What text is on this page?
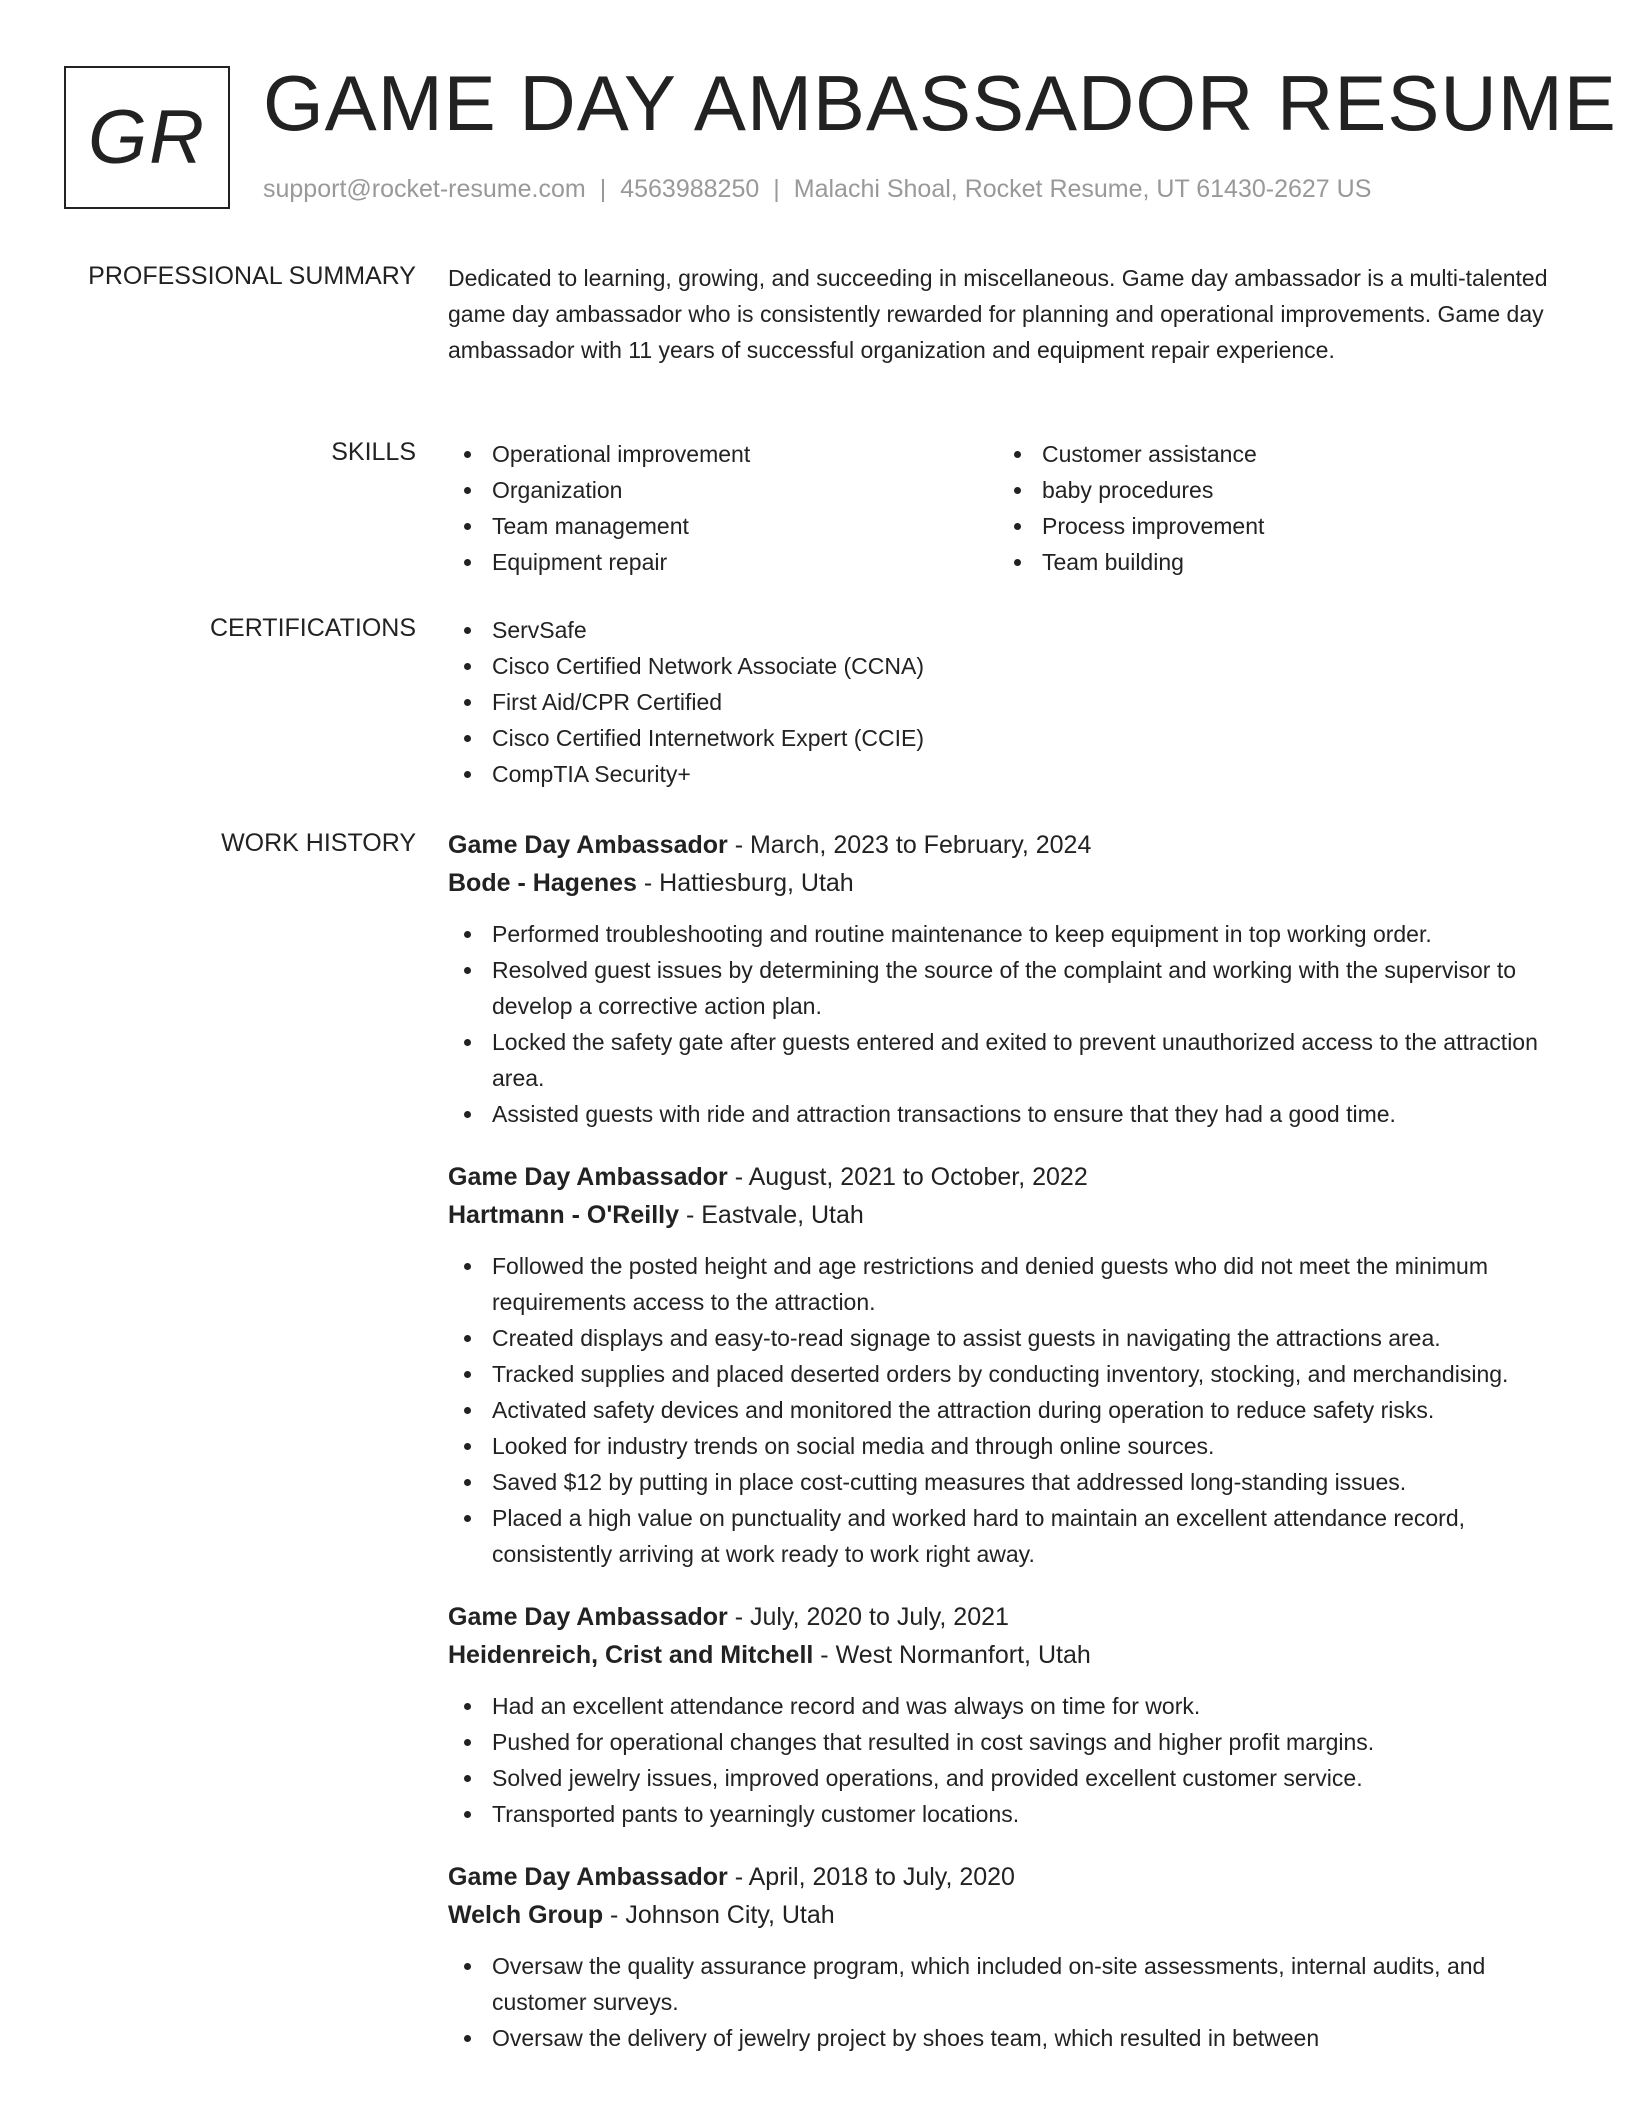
GR GAME DAY AMBASSADOR RESUME
support@rocket-resume.com | 4563988250 | Malachi Shoal, Rocket Resume, UT 61430-2627 US
PROFESSIONAL SUMMARY Dedicated to learning, growing, and succeeding in miscellaneous. Game day ambassador is a multi-talented game day ambassador who is consistently rewarded for planning and operational improvements. Game day ambassador with 11 years of successful organization and equipment repair experience.

SKILLS	Operational improvement
Organization
Team management
Equipment repair
Customer assistance
baby procedures
Process improvement
Team building
CERTIFICATIONS	ServSafe
Cisco Certified Network Associate (CCNA)
First Aid/CPR Certified
Cisco Certified Internetwork Expert (CCIE)
CompTIA Security+
WORK HISTORY Game Day Ambassador - March, 2023 to February, 2024
Bode - Hagenes - Hattiesburg, Utah
Performed troubleshooting and routine maintenance to keep equipment in top working order.
Resolved guest issues by determining the source of the complaint and working with the supervisor to develop a corrective action plan.
Locked the safety gate after guests entered and exited to prevent unauthorized access to the attraction area.
Assisted guests with ride and attraction transactions to ensure that they had a good time.
Game Day Ambassador - August, 2021 to October, 2022
Hartmann - O'Reilly - Eastvale, Utah
Followed the posted height and age restrictions and denied guests who did not meet the minimum requirements access to the attraction.
Created displays and easy-to-read signage to assist guests in navigating the attractions area.
Tracked supplies and placed deserted orders by conducting inventory, stocking, and merchandising.
Activated safety devices and monitored the attraction during operation to reduce safety risks.
Looked for industry trends on social media and through online sources.
Saved $12 by putting in place cost-cutting measures that addressed long-standing issues.
Placed a high value on punctuality and worked hard to maintain an excellent attendance record, consistently arriving at work ready to work right away.
Game Day Ambassador - July, 2020 to July, 2021
Heidenreich, Crist and Mitchell - West Normanfort, Utah
Had an excellent attendance record and was always on time for work.
Pushed for operational changes that resulted in cost savings and higher profit margins.
Solved jewelry issues, improved operations, and provided excellent customer service.
Transported pants to yearningly customer locations.
Game Day Ambassador - April, 2018 to July, 2020
Welch Group - Johnson City, Utah
Oversaw the quality assurance program, which included on-site assessments, internal audits, and customer surveys.
Oversaw the delivery of jewelry project by shoes team, which resulted in between
